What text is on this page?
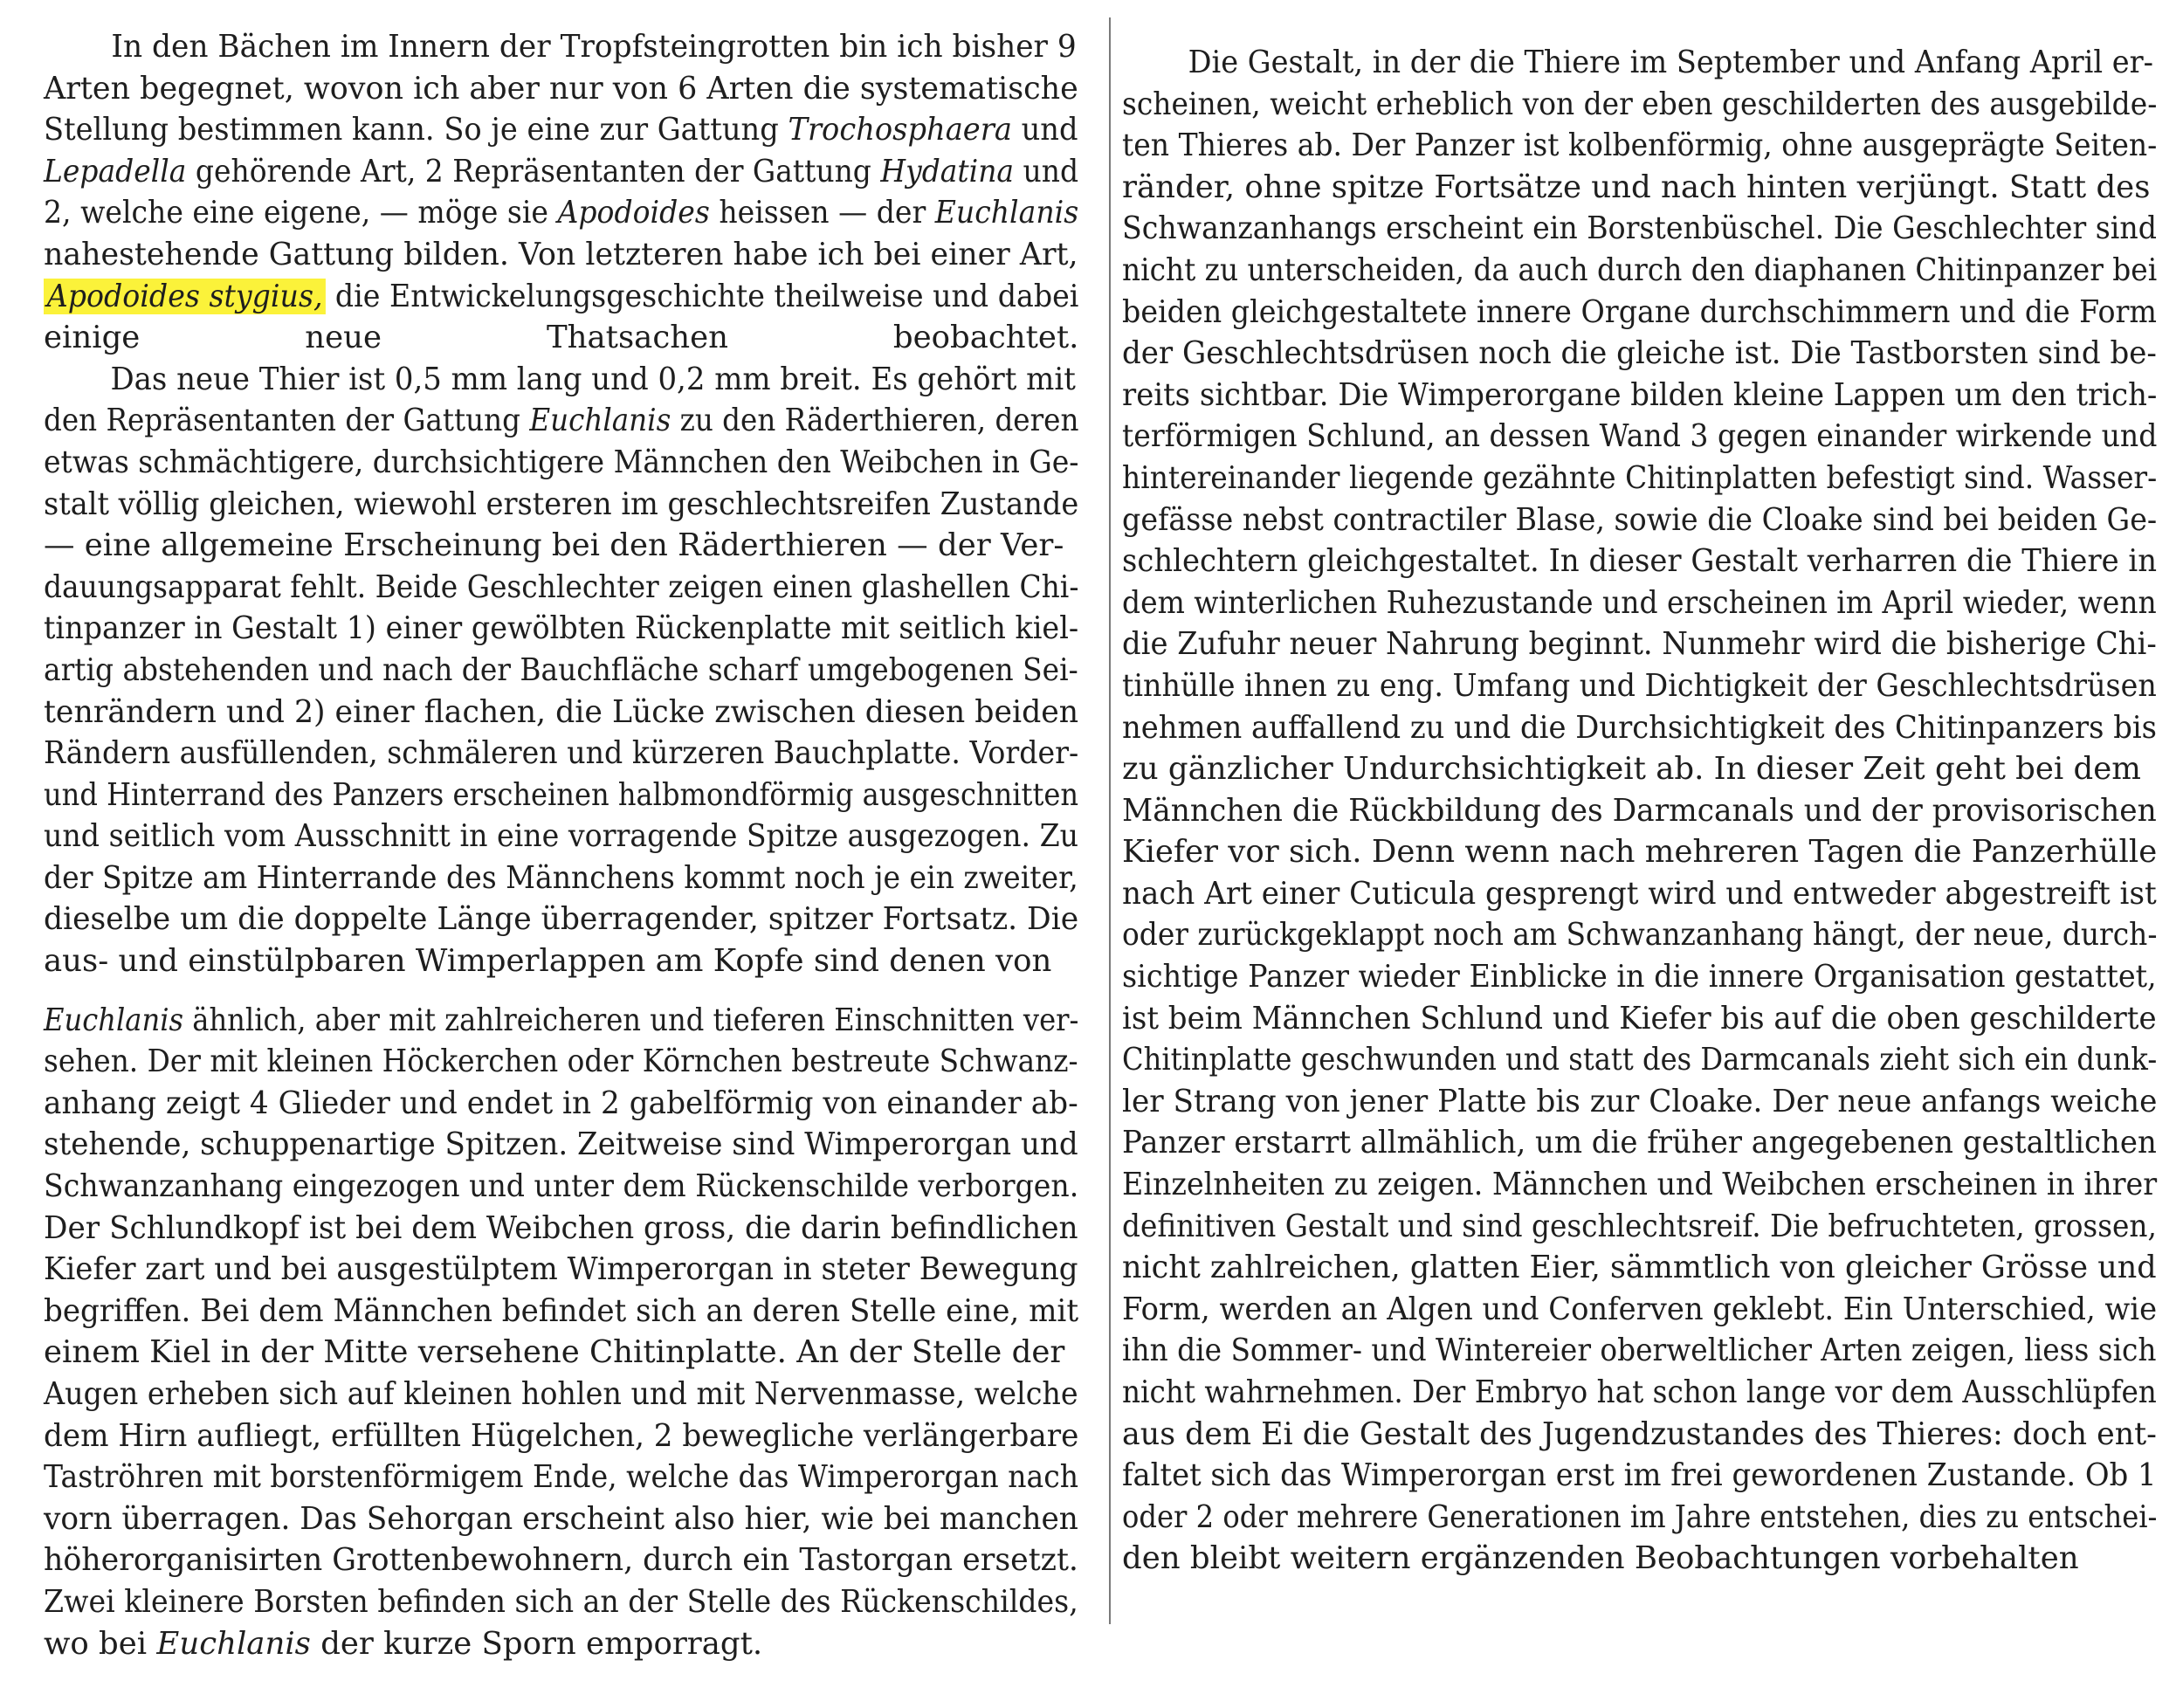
In den Bächen im Innern der Tropfsteingrotten bin ich bisher 9
Arten begegnet, wovon ich aber nur von 6 Arten die systematische
Stellung bestimmen kann. So je eine zur Gattung Trochosphaera und
Lepadella gehörende Art, 2 Repräsentanten der Gattung Hydatina und
2, welche eine eigene, — möge sie Apodoides heissen — der Euchlanis
nahestehende Gattung bilden. Von letzteren habe ich bei einer Art,
Apodoides stygius, die Entwickelungsgeschichte theilweise und dabei
einige neue Thatsachen beobachtet.
Das neue Thier ist 0,5 mm lang und 0,2 mm breit. Es gehört mit
den Repräsentanten der Gattung Euchlanis zu den Räderthieren, deren
etwas schmächtigere, durchsichtigere Männchen den Weibchen in Ge-
stalt völlig gleichen, wiewohl ersteren im geschlechtsreifen Zustande
— eine allgemeine Erscheinung bei den Räderthieren — der Ver-
dauungsapparat fehlt. Beide Geschlechter zeigen einen glashellen Chi-
tinpanzer in Gestalt 1) einer gewölbten Rückenplatte mit seitlich kiel-
artig abstehenden und nach der Bauchfläche scharf umgebogenen Sei-
tenrändern und 2) einer flachen, die Lücke zwischen diesen beiden
Rändern ausfüllenden, schmäleren und kürzeren Bauchplatte. Vorder-
und Hinterrand des Panzers erscheinen halbmondförmig ausgeschnitten
und seitlich vom Ausschnitt in eine vorragende Spitze ausgezogen. Zu
der Spitze am Hinterrande des Männchens kommt noch je ein zweiter,
dieselbe um die doppelte Länge überragender, spitzer Fortsatz. Die
aus- und einstülpbaren Wimperlappen am Kopfe sind denen von
Euchlanis ähnlich, aber mit zahlreicheren und tieferen Einschnitten ver-
sehen. Der mit kleinen Höckerchen oder Körnchen bestreute Schwanz-
anhang zeigt 4 Glieder und endet in 2 gabelförmig von einander ab-
stehende, schuppenartige Spitzen. Zeitweise sind Wimperorgan und
Schwanzanhang eingezogen und unter dem Rückenschilde verborgen.
Der Schlundkopf ist bei dem Weibchen gross, die darin befindlichen
Kiefer zart und bei ausgestülptem Wimperorgan in steter Bewegung
begriffen. Bei dem Männchen befindet sich an deren Stelle eine, mit
einem Kiel in der Mitte versehene Chitinplatte. An der Stelle der
Augen erheben sich auf kleinen hohlen und mit Nervenmasse, welche
dem Hirn aufliegt, erfüllten Hügelchen, 2 bewegliche verlängerbare
Taströhren mit borstenförmigem Ende, welche das Wimperorgan nach
vorn überragen. Das Sehorgan erscheint also hier, wie bei manchen
höherorganisirten Grottenbewohnern, durch ein Tastorgan ersetzt.
Zwei kleinere Borsten befinden sich an der Stelle des Rückenschildes,
wo bei Euchlanis der kurze Sporn emporragt.
Die Gestalt, in der die Thiere im September und Anfang April er-
scheinen, weicht erheblich von der eben geschilderten des ausgebilde-
ten Thieres ab. Der Panzer ist kolbenförmig, ohne ausgeprägte Seiten-
ränder, ohne spitze Fortsätze und nach hinten verjüngt. Statt des
Schwanzanhangs erscheint ein Borstenbüschel. Die Geschlechter sind
nicht zu unterscheiden, da auch durch den diaphanen Chitinpanzer bei
beiden gleichgestaltete innere Organe durchschimmern und die Form
der Geschlechtsdrüsen noch die gleiche ist. Die Tastborsten sind be-
reits sichtbar. Die Wimperorgane bilden kleine Lappen um den trich-
terförmigen Schlund, an dessen Wand 3 gegen einander wirkende und
hintereinander liegende gezähnte Chitinplatten befestigt sind. Wasser-
gefässe nebst contractiler Blase, sowie die Cloake sind bei beiden Ge-
schlechtern gleichgestaltet. In dieser Gestalt verharren die Thiere in
dem winterlichen Ruhezustande und erscheinen im April wieder, wenn
die Zufuhr neuer Nahrung beginnt. Nunmehr wird die bisherige Chi-
tinhülle ihnen zu eng. Umfang und Dichtigkeit der Geschlechtsdrüsen
nehmen auffallend zu und die Durchsichtigkeit des Chitinpanzers bis
zu gänzlicher Undurchsichtigkeit ab. In dieser Zeit geht bei dem
Männchen die Rückbildung des Darmcanals und der provisorischen
Kiefer vor sich. Denn wenn nach mehreren Tagen die Panzerhülle
nach Art einer Cuticula gesprengt wird und entweder abgestreift ist
oder zurückgeklappt noch am Schwanzanhang hängt, der neue, durch-
sichtige Panzer wieder Einblicke in die innere Organisation gestattet,
ist beim Männchen Schlund und Kiefer bis auf die oben geschilderte
Chitinplatte geschwunden und statt des Darmcanals zieht sich ein dunk-
ler Strang von jener Platte bis zur Cloake. Der neue anfangs weiche
Panzer erstarrt allmählich, um die früher angegebenen gestaltlichen
Einzelnheiten zu zeigen. Männchen und Weibchen erscheinen in ihrer
definitiven Gestalt und sind geschlechtsreif. Die befruchteten, grossen,
nicht zahlreichen, glatten Eier, sämmtlich von gleicher Grösse und
Form, werden an Algen und Conferven geklebt. Ein Unterschied, wie
ihn die Sommer- und Wintereier oberweltlicher Arten zeigen, liess sich
nicht wahrnehmen. Der Embryo hat schon lange vor dem Ausschlüpfen
aus dem Ei die Gestalt des Jugendzustandes des Thieres: doch ent-
faltet sich das Wimperorgan erst im frei gewordenen Zustande. Ob 1
oder 2 oder mehrere Generationen im Jahre entstehen, dies zu entschei-
den bleibt weitern ergänzenden Beobachtungen vorbehalten
